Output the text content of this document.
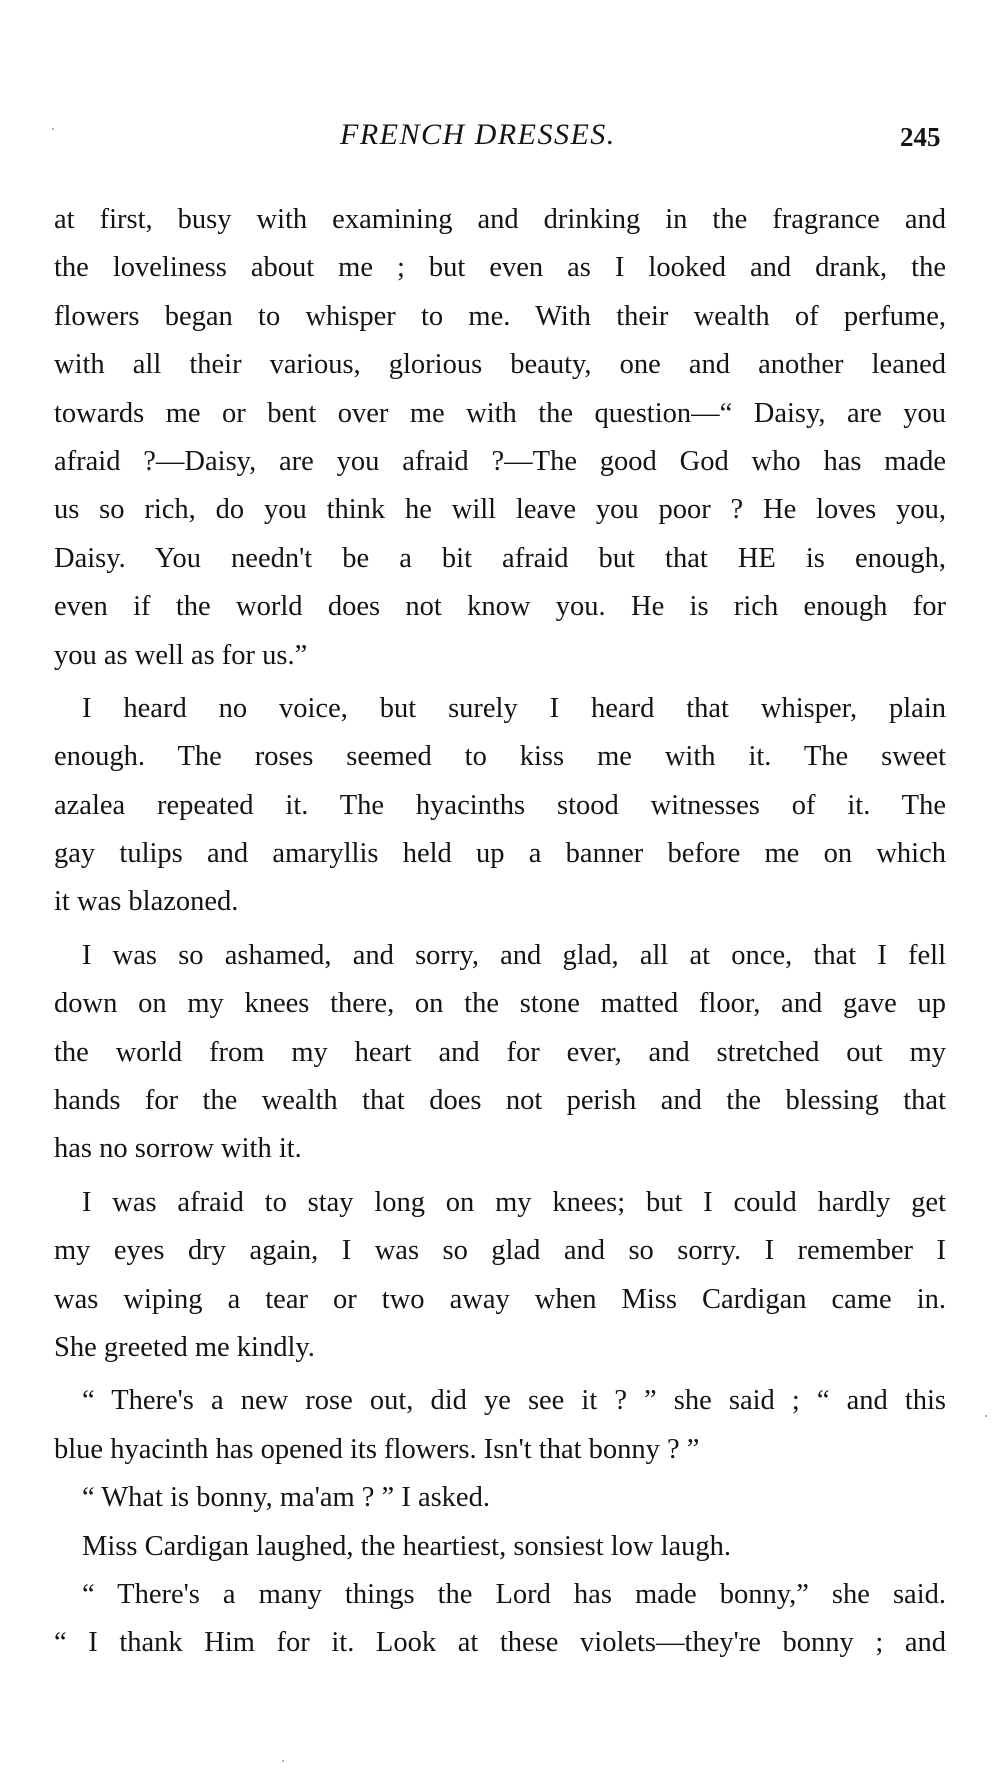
FRENCH DRESSES.	245
at first, busy with examining and drinking in the fragrance and
the loveliness about me ; but even as I looked and drank, the
flowers began to whisper to me. With their wealth of perfume,
with all their various, glorious beauty, one and another leaned
towards me or bent over me with the question—“ Daisy, are you
afraid ?—Daisy, are you afraid ?—The good God who has made
us so rich, do you think he will leave you poor ? He loves you,
Daisy. You needn't be a bit afraid but that HE is enough,
even if the world does not know you. He is rich enough for
you as well as for us.”
I heard no voice, but surely I heard that whisper, plain
enough. The roses seemed to kiss me with it. The sweet
azalea repeated it. The hyacinths stood witnesses of it. The
gay tulips and amaryllis held up a banner before me on which
it was blazoned.
I was so ashamed, and sorry, and glad, all at once, that I fell
down on my knees there, on the stone matted floor, and gave up
the world from my heart and for ever, and stretched out my
hands for the wealth that does not perish and the blessing that
has no sorrow with it.
I was afraid to stay long on my knees; but I could hardly get
my eyes dry again, I was so glad and so sorry. I remember I
was wiping a tear or two away when Miss Cardigan came in.
She greeted me kindly.
“ There's a new rose out, did ye see it ? ” she said ; “ and this
blue hyacinth has opened its flowers. Isn't that bonny ? ”
“ What is bonny, ma'am ? ” I asked.
Miss Cardigan laughed, the heartiest, sonsiest low laugh.
“ There's a many things the Lord has made bonny,” she said.
“ I thank Him for it. Look at these violets—they're bonny ; and
